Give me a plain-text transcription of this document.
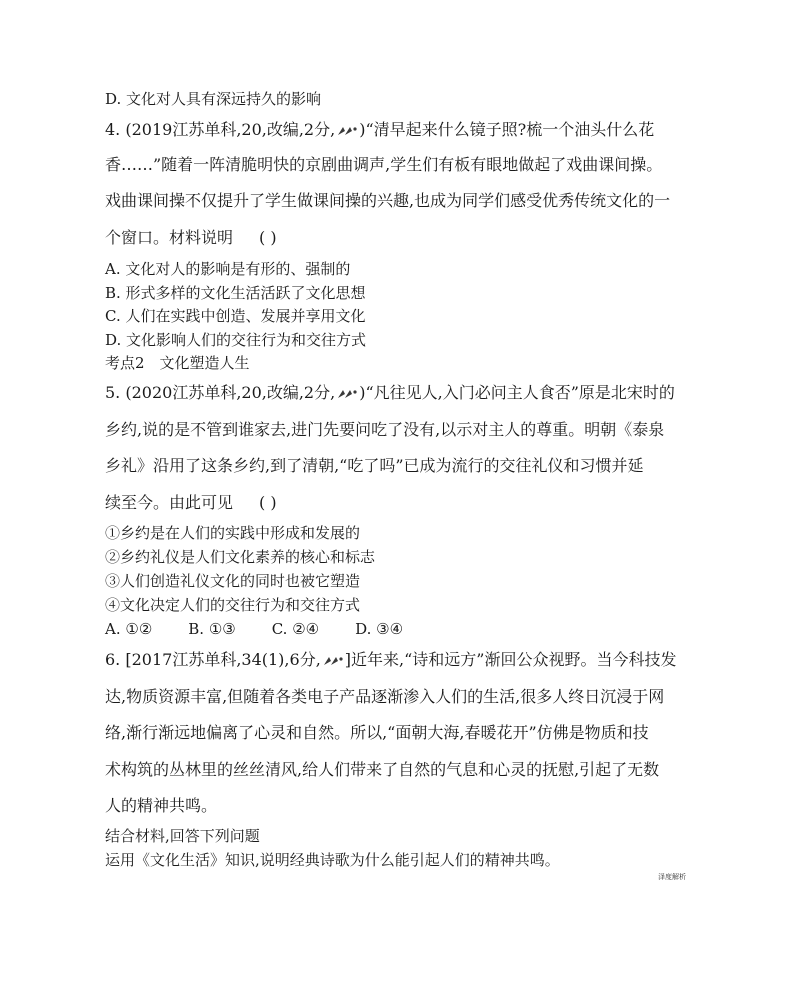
D. 文化对人具有深远持久的影响
4. (2019江苏单科,20,改编,2分, )“清早起来什么镜子照?梳一个油头什么花
香……”随着一阵清脆明快的京剧曲调声,学生们有板有眼地做起了戏曲课间操。
戏曲课间操不仅提升了学生做课间操的兴趣,也成为同学们感受优秀传统文化的一
个窗口。材料说明 ( )
A. 文化对人的影响是有形的、强制的
B. 形式多样的文化生活活跃了文化思想
C. 人们在实践中创造、发展并享用文化
D. 文化影响人们的交往行为和交往方式
考点2　文化塑造人生
5. (2020江苏单科,20,改编,2分, )“凡往见人,入门必问主人食否”原是北宋时的
乡约,说的是不管到谁家去,进门先要问吃了没有,以示对主人的尊重。明朝《泰泉
乡礼》沿用了这条乡约,到了清朝,“吃了吗”已成为流行的交往礼仪和习惯并延
续至今。由此可见 ( )
①乡约是在人们的实践中形成和发展的
②乡约礼仪是人们文化素养的核心和标志
③人们创造礼仪文化的同时也被它塑造
④文化决定人们的交往行为和交往方式
A. ①② B. ①③ C. ②④ D. ③④
6. [2017江苏单科,34(1),6分, ]近年来,“诗和远方”渐回公众视野。当今科技发
达,物质资源丰富,但随着各类电子产品逐渐渗入人们的生活,很多人终日沉浸于网
络,渐行渐远地偏离了心灵和自然。所以,“面朝大海,春暖花开”仿佛是物质和技
术构筑的丛林里的丝丝清风,给人们带来了自然的气息和心灵的抚慰,引起了无数
人的精神共鸣。
结合材料,回答下列问题
运用《文化生活》知识,说明经典诗歌为什么能引起人们的精神共鸣。
泽度解析
